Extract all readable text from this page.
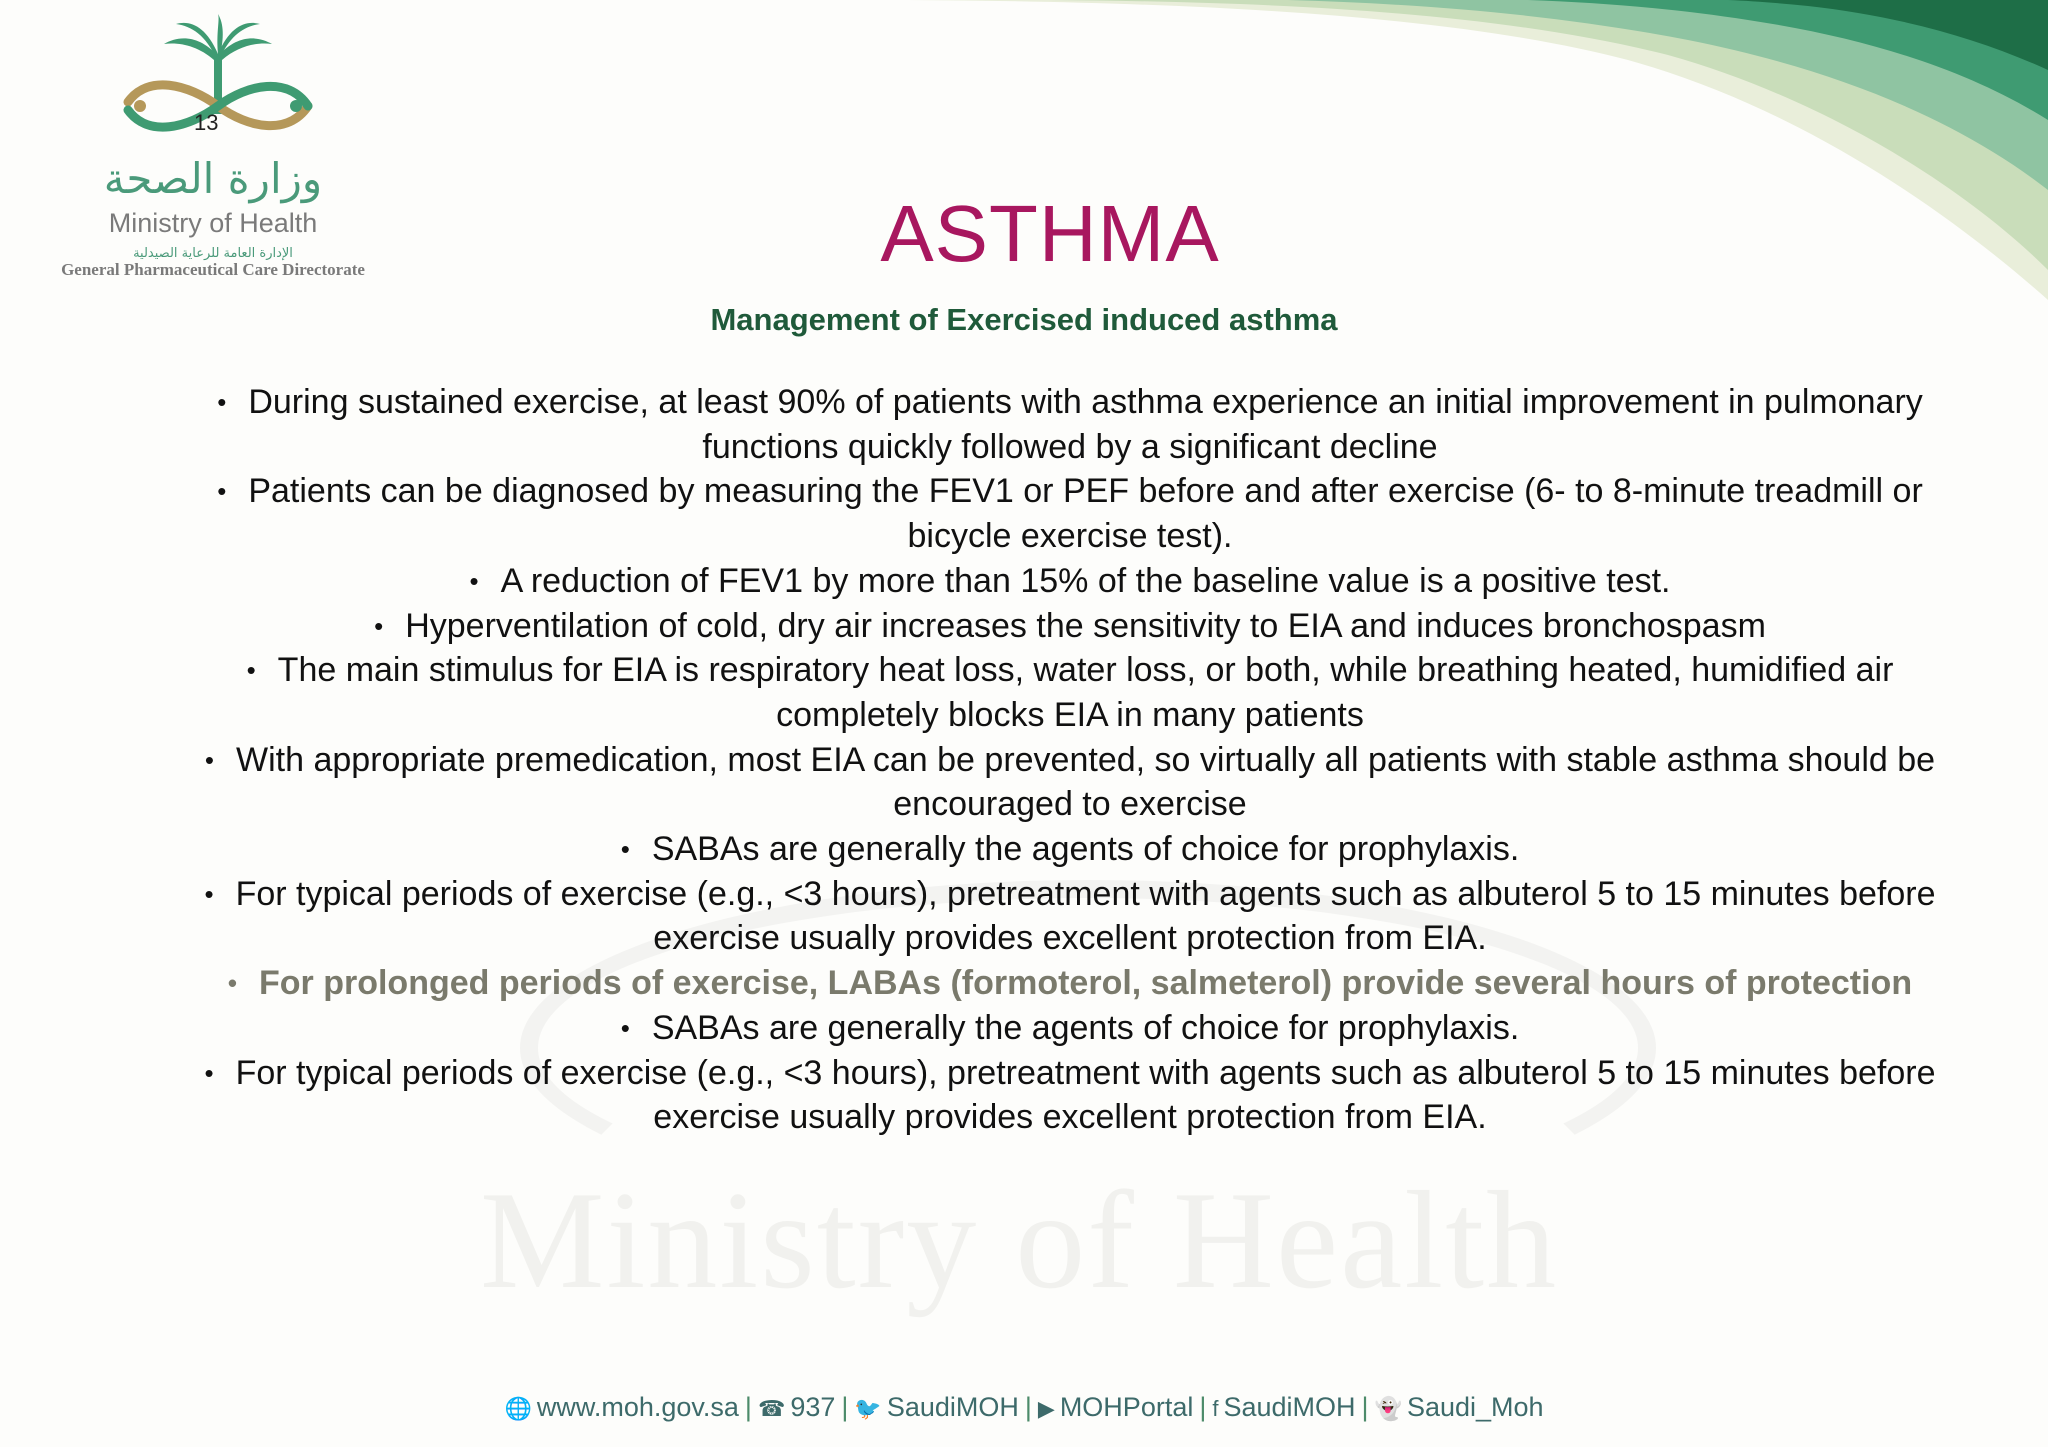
Ministry of Health
13
وزارة الصحة
Ministry of Health
الإدارة العامة للرعاية الصيدلية
General Pharmaceutical Care Directorate	ASTHMA
Management of Exercised induced asthma

• During sustained exercise, at least 90% of patients with asthma experience an initial improvement in pulmonary functions quickly followed by a significant decline

• Patients can be diagnosed by measuring the FEV1 or PEF before and after exercise (6- to 8-minute treadmill or bicycle exercise test).

• A reduction of FEV1 by more than 15% of the baseline value is a positive test.

• Hyperventilation of cold, dry air increases the sensitivity to EIA and induces bronchospasm

• The main stimulus for EIA is respiratory heat loss, water loss, or both, while breathing heated, humidified air completely blocks EIA in many patients

• With appropriate premedication, most EIA can be prevented, so virtually all patients with stable asthma should be encouraged to exercise

• SABAs are generally the agents of choice for prophylaxis.

• For typical periods of exercise (e.g., <3 hours), pretreatment with agents such as albuterol 5 to 15 minutes before exercise usually provides excellent protection from EIA.

• For prolonged periods of exercise, LABAs (formoterol, salmeterol) provide several hours of protection

• SABAs are generally the agents of choice for prophylaxis.

• For typical periods of exercise (e.g., <3 hours), pretreatment with agents such as albuterol 5 to 15 minutes before exercise usually provides excellent protection from EIA.

🌐 www.moh.gov.sa | ☎ 937 | 🐦 SaudiMOH | ▶ MOHPortal | f SaudiMOH | 👻 Saudi_Moh
